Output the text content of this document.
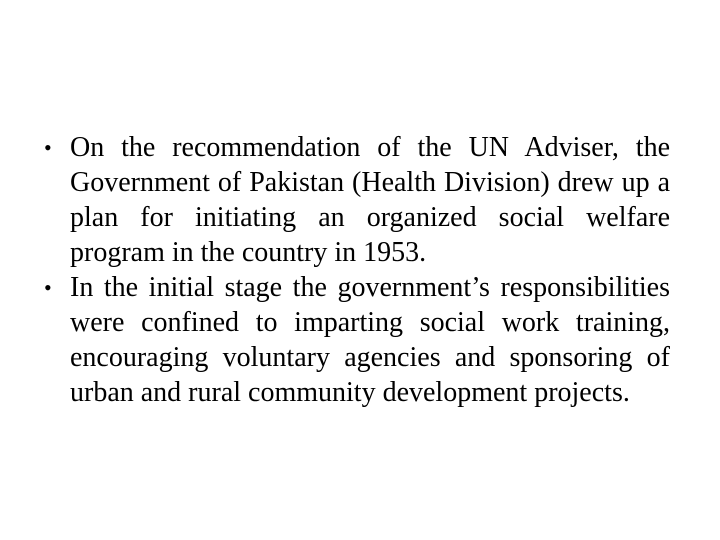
• On the recommendation of the UN Adviser, the Government of Pakistan (Health Division) drew up a plan for initiating an organized social welfare program in the country in 1953.
• In the initial stage the government’s responsibilities were confined to imparting social work training, encouraging voluntary agencies and sponsoring of urban and rural community development projects.
